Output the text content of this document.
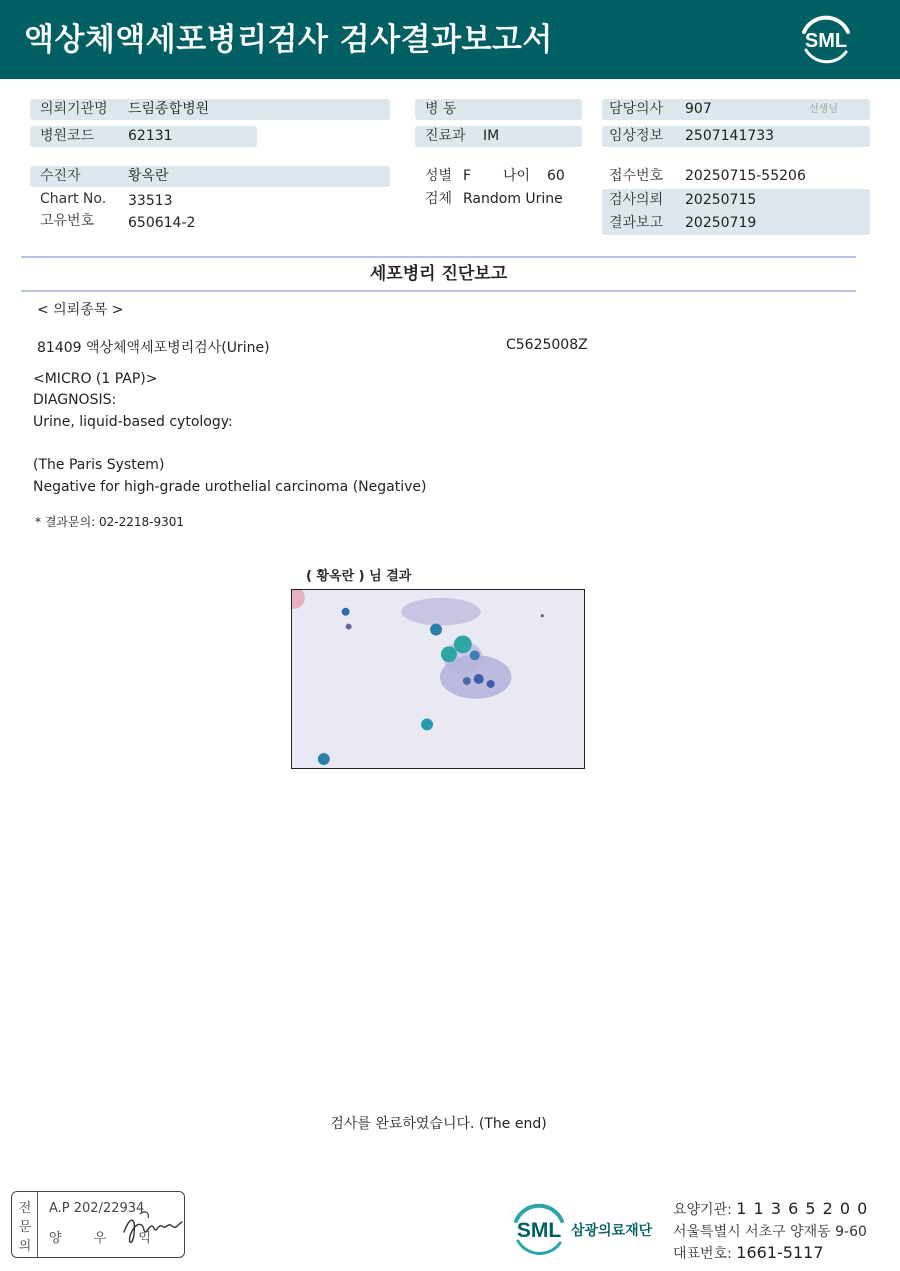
액상체액세포병리검사 검사결과보고서	SML
의뢰기관명 드림종합병원
병원코드 62131
수진자	황옥란
Chart No. 33513
고유번호 650614-2
병 동
진료과 IM
성별 F 나이 60
검체 Random Urine
담당의사 907	선생님
임상정보 2507141733
접수번호 20250715-55206
검사의뢰 20250715
결과보고 20250719
세포병리 진단보고
< 의뢰종목 >
81409 액상체액세포병리검사(Urine)	C5625008Z
<MICRO (1 PAP)>
DIAGNOSIS:
Urine, liquid-based cytology:
(The Paris System)
Negative for high-grade urothelial carcinoma (Negative)
* 결과문의: 02-2218-9301
( 황옥란 ) 님 결과
검사를 완료하였습니다. (The end)
전
문
의
A.P 202/22934
양 우 익	SML 삼광의료재단
요양기관: 1 1 3 6 5 2 0 0
서울특별시 서초구 양재동 9-60
대표번호: 1661-5117
